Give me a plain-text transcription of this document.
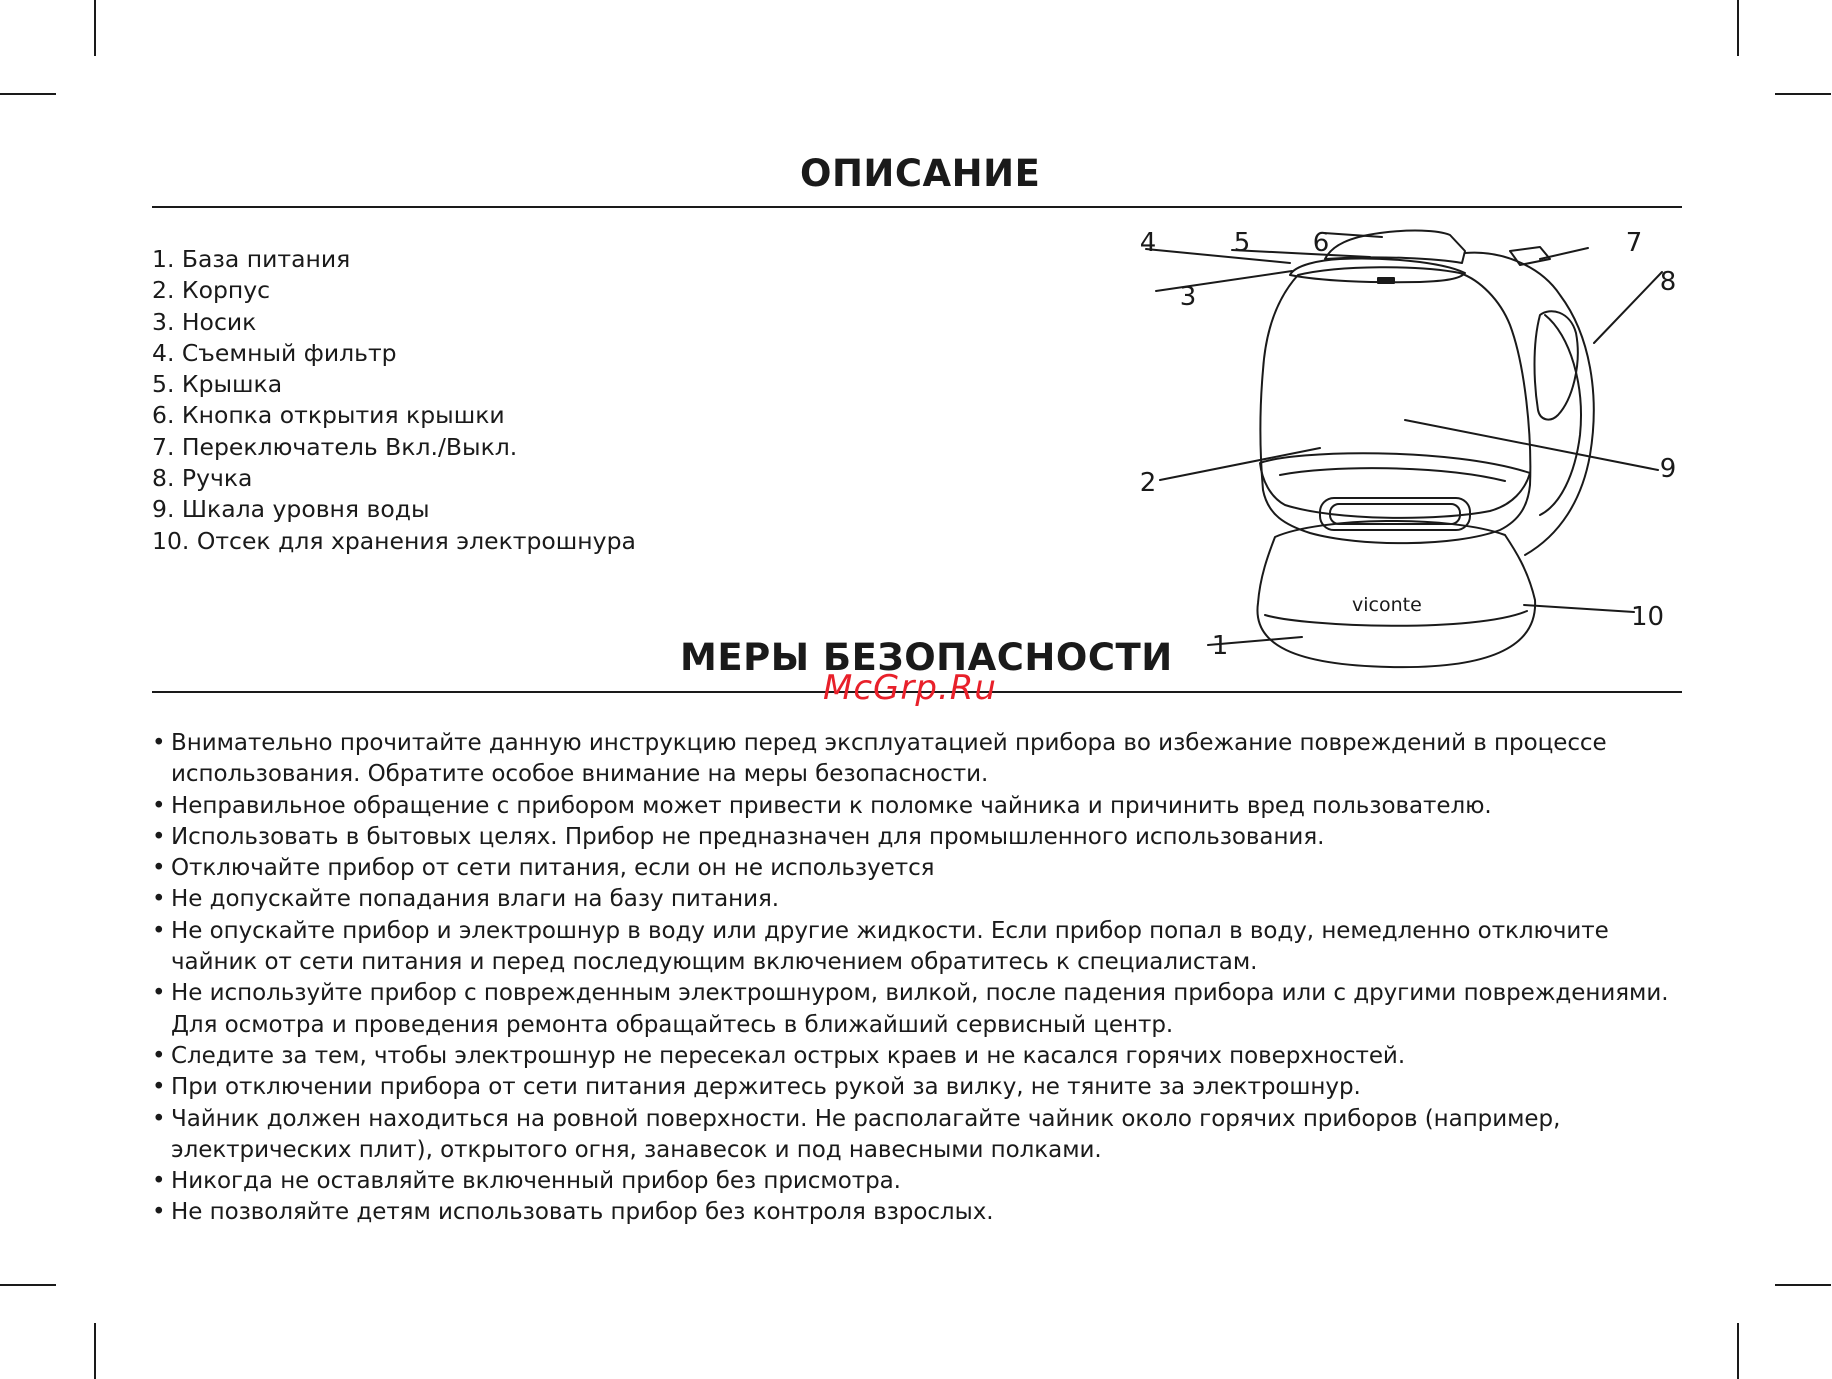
ОПИСАНИЕ
1. База питания
2. Корпус
3. Носик
4. Съемный фильтр
5. Крышка
6. Кнопка открытия крышки
7. Переключатель Вкл./Выкл.
8. Ручка
9. Шкала уровня воды
10. Отсек для хранения электрошнура
viconte
1
2
3
4	5 6	7
8
9
10
МЕРЫ БЕЗОПАСНОСТИ
• Внимательно прочитайте данную инструкцию перед эксплуатацией прибора во избежание повреждений в процессе использования. Обратите особое внимание на меры безопасности.
• Неправильное обращение с прибором может привести к поломке чайника и причинить вред пользователю.
• Использовать в бытовых целях. Прибор не предназначен для промышленного использования.
• Отключайте прибор от сети питания, если он не используется
• Не допускайте попадания влаги на базу питания.
• Не опускайте прибор и электрошнур в воду или другие жидкости. Если прибор попал в воду, немедленно отключите чайник от сети питания и перед последующим включением обратитесь к специалистам.
• Не используйте прибор с поврежденным электрошнуром, вилкой, после падения прибора или с другими повреждениями. Для осмотра и проведения ремонта обращайтесь в ближайший сервисный центр.
• Следите за тем, чтобы электрошнур не пересекал острых краев и не касался горячих поверхностей.
• При отключении прибора от сети питания держитесь рукой за вилку, не тяните за электрошнур.
• Чайник должен находиться на ровной поверхности. Не располагайте чайник около горячих приборов (например, электрических плит), открытого огня, занавесок и под навесными полками.
• Никогда не оставляйте включенный прибор без присмотра.
• Не позволяйте детям использовать прибор без контроля взрослых.

McGrp.Ru
